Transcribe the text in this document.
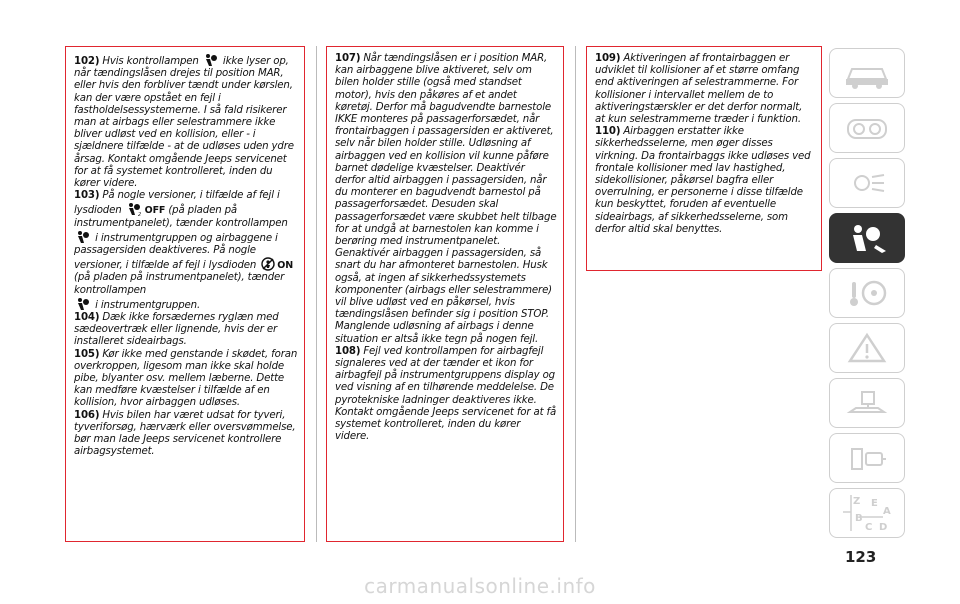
102) Hvis kontrollampen ikke lyser op, når tændingslåsen drejes til position MAR, eller hvis den forbliver tændt under kørslen, kan der være opstået en fejl i fastholdelsessystemerne. I så fald risikerer man at airbags eller selestrammere ikke bliver udløst ved en kollision, eller - i sjældnere tilfælde - at de udløses uden ydre årsag. Kontakt omgående Jeeps servicenet for at få systemet kontrolleret, inden du kører videre.

103) På nogle versioner, i tilfælde af fejl i lysdioden	2 OFF (på pladen på instrumentpanelet), tænder kontrollampen  i instrumentgruppen og airbaggene i passagersiden deaktiveres. På nogle versioner, i tilfælde af fejl i lysdioden ON (på pladen på instrumentpanelet), tænder kontrollampen
i instrumentgruppen.

104) Dæk ikke forsædernes ryglæn med sædeovertræk eller lignende, hvis der er installeret sideairbags.

105) Kør ikke med genstande i skødet, foran overkroppen, ligesom man ikke skal holde pibe, blyanter osv. mellem læberne. Dette kan medføre kvæstelser i tilfælde af en kollision, hvor airbaggen udløses.

106) Hvis bilen har været udsat for tyveri, tyveriforsøg, hærværk eller oversvømmelse, bør man lade Jeeps servicenet kontrollere airbagsystemet.

107) Når tændingslåsen er i position MAR, kan airbaggene blive aktiveret, selv om bilen holder stille (også med standset motor), hvis den påkøres af et andet køretøj. Derfor må bagudvendte barnestole IKKE monteres på passagerforsædet, når frontairbaggen i passagersiden er aktiveret, selv når bilen holder stille. Udløsning af airbaggen ved en kollision vil kunne påføre barnet dødelige kvæstelser. Deaktivér derfor altid airbaggen i passagersiden, når du monterer en bagudvendt barnestol på passagerforsædet. Desuden skal passagerforsædet være skubbet helt tilbage for at undgå at barnestolen kan komme i berøring med instrumentpanelet. Genaktivér airbaggen i passagersiden, så snart du har afmonteret barnestolen. Husk også, at ingen af sikkerhedssystemets komponenter (airbags eller selestrammere) vil blive udløst ved en påkørsel, hvis tændingslåsen befinder sig i position STOP. Manglende udløsning af airbags i denne situation er altså ikke tegn på nogen fejl.

108) Fejl ved kontrollampen for airbagfejl signaleres ved at der tænder et ikon for airbagfejl på instrumentgruppens display og ved visning af en tilhørende meddelelse. De pyrotekniske ladninger deaktiveres ikke. Kontakt omgående Jeeps servicenet for at få systemet kontrolleret, inden du kører videre.

109) Aktiveringen af frontairbaggen er udviklet til kollisioner af et større omfang end aktiveringen af selestrammerne. For kollisioner i intervallet mellem de to aktiveringstærskler er det derfor normalt, at kun selestrammerne træder i funktion.

110) Airbaggen erstatter ikke sikkerhedsselerne, men øger disses virkning. Da frontairbaggs ikke udløses ved frontale kollisioner med lav hastighed, sidekollisioner, påkørsel bagfra eller overrulning, er personerne i disse tilfælde kun beskyttet, foruden af eventuelle sideairbags, af sikkerhedsselerne, som derfor altid skal benyttes.

Z E
A
B
C D
123
carmanualsonline.info
